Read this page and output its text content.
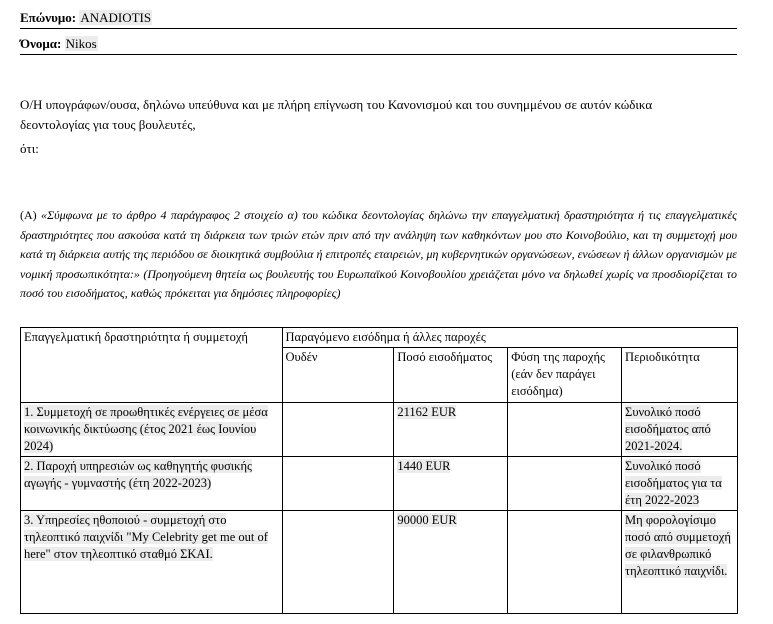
Επώνυμο: ANADIOTIS
Όνομα: Nikos
Ο/Η υπογράφων/ουσα, δηλώνω υπεύθυνα και με πλήρη επίγνωση του Κανονισμού και του συνημμένου σε αυτόν κώδικα
δεοντολογίας για τους βουλευτές,
ότι:
(A) «Σύμφωνα με το άρθρο 4 παράγραφος 2 στοιχείο α) του κώδικα δεοντολογίας δηλώνω την επαγγελματική δραστηριότητα ή τις επαγγελματικές δραστηριότητες που ασκούσα κατά τη διάρκεια των τριών ετών πριν από την ανάληψη των καθηκόντων μου στο Κοινοβούλιο, και τη συμμετοχή μου κατά τη διάρκεια αυτής της περιόδου σε διοικητικά συμβούλια ή επιτροπές εταιρειών, μη κυβερνητικών οργανώσεων, ενώσεων ή άλλων οργανισμών με νομική προσωπικότητα:» (Προηγούμενη θητεία ως βουλευτής του Ευρωπαϊκού Κοινοβουλίου χρειάζεται μόνο να δηλωθεί χωρίς να προσδιορίζεται το ποσό του εισοδήματος, καθώς πρόκειται για δημόσιες πληροφορίες)
Επαγγελματική δραστηριότητα ή συμμετοχή	Παραγόμενο εισόδημα ή άλλες παροχές			
	Ουδέν	Ποσό εισοδήματος	Φύση της παροχής (εάν δεν παράγει εισόδημα)	Περιοδικότητα
1. Συμμετοχή σε προωθητικές ενέργειες σε μέσα κοινωνικής δικτύωσης (έτος 2021 έως Ιουνίου 2024)		21162 EUR		Συνολικό ποσό εισοδήματος από 2021-2024.
2. Παροχή υπηρεσιών ως καθηγητής φυσικής αγωγής - γυμναστής (έτη 2022-2023)		1440 EUR		Συνολικό ποσό εισοδήματος για τα έτη 2022-2023
3. Υπηρεσίες ηθοποιού - συμμετοχή στο τηλεοπτικό παιχνίδι "My Celebrity get me out of here" στον τηλεοπτικό σταθμό ΣΚΑΙ.		90000 EUR		Μη φορολογίσιμο ποσό από συμμετοχή σε φιλανθρωπικό τηλεοπτικό παιχνίδι.
